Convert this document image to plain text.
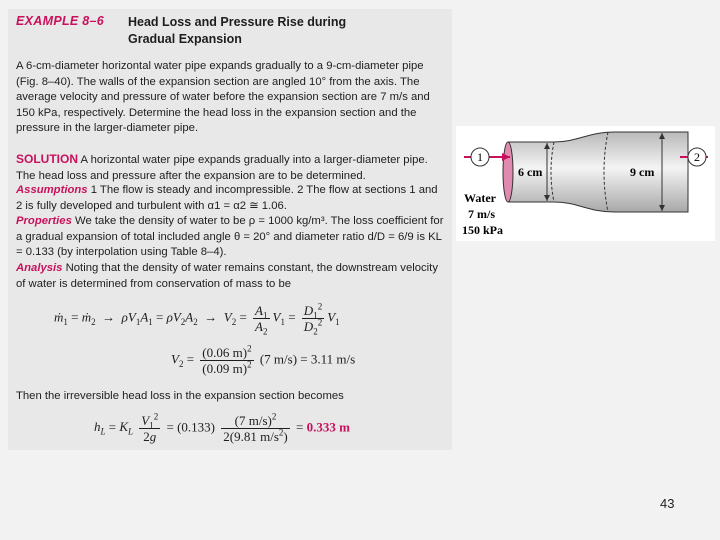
EXAMPLE 8–6 Head Loss and Pressure Rise during Gradual Expansion

A 6-cm-diameter horizontal water pipe expands gradually to a 9-cm-diameter pipe (Fig. 8–40). The walls of the expansion section are angled 10° from the axis. The average velocity and pressure of water before the expansion section are 7 m/s and 150 kPa, respectively. Determine the head loss in the expansion section and the pressure in the larger-diameter pipe.

SOLUTION A horizontal water pipe expands gradually into a larger-diameter pipe. The head loss and pressure after the expansion are to be determined.

Assumptions 1 The flow is steady and incompressible. 2 The flow at sections 1 and 2 is fully developed and turbulent with α1 = α2 ≅ 1.06.

Properties We take the density of water to be ρ = 1000 kg/m³. The loss coefficient for a gradual expansion of total included angle θ = 20° and diameter ratio d/D = 6/9 is KL = 0.133 (by interpolation using Table 8–4).

Analysis Noting that the density of water remains constant, the downstream velocity of water is determined from conservation of mass to be

ṁ$_1$ = ṁ$_2$  →  $\rho V_1A_1 = \rho V_2A_2 \to V_2 = \frac{A_1}{A_2} V_1 = \frac{D_1^2}{D_2^2} V_1$
$V_2 = \frac{(0.06 m)^2}{(0.09 m)^2} (7$ m/s) = 3.11 m/s

Then the irreversible head loss in the expansion section becomes

$h_L = K_L \frac{V_1^2}{2g} = (0.133) \frac{(7 m/s)^2}{2(9.81 m/s^2)} = 0.333$ m
1	2
6 cm	9 cm
Water
7 m/s
150 kPa
43
